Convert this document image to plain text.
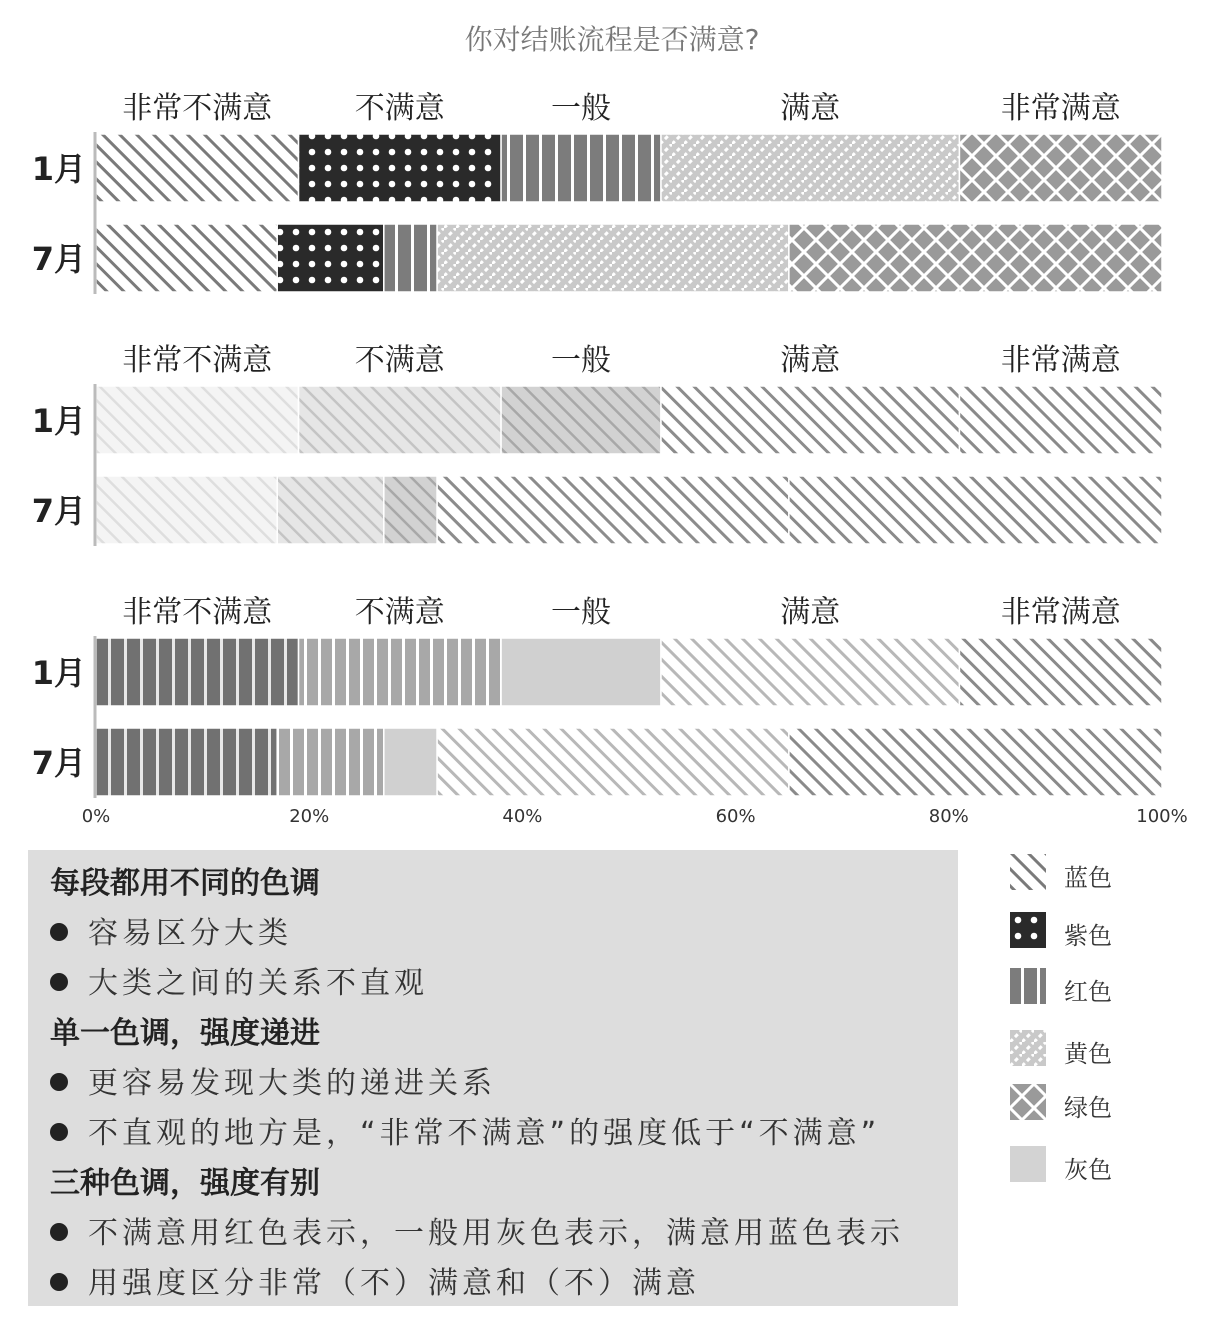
你对结账流程是否满意?
非常不满意	不满意	一般	满意	非常满意
1月
7月
非常不满意	不满意	一般	满意	非常满意
1月
7月
非常不满意	不满意	一般	满意	非常满意
1月
7月
0%	20%	40%	60%	80%	100%
每段都用不同的色调
容易区分大类
大类之间的关系不直观
单一色调，强度递进
更容易发现大类的递进关系
不直观的地方是，“非常不满意”的强度低于“不满意”
三种色调，强度有别
不满意用红色表示，一般用灰色表示，满意用蓝色表示
用强度区分非常（不）满意和（不）满意
蓝色
紫色
红色
黄色
绿色
灰色
